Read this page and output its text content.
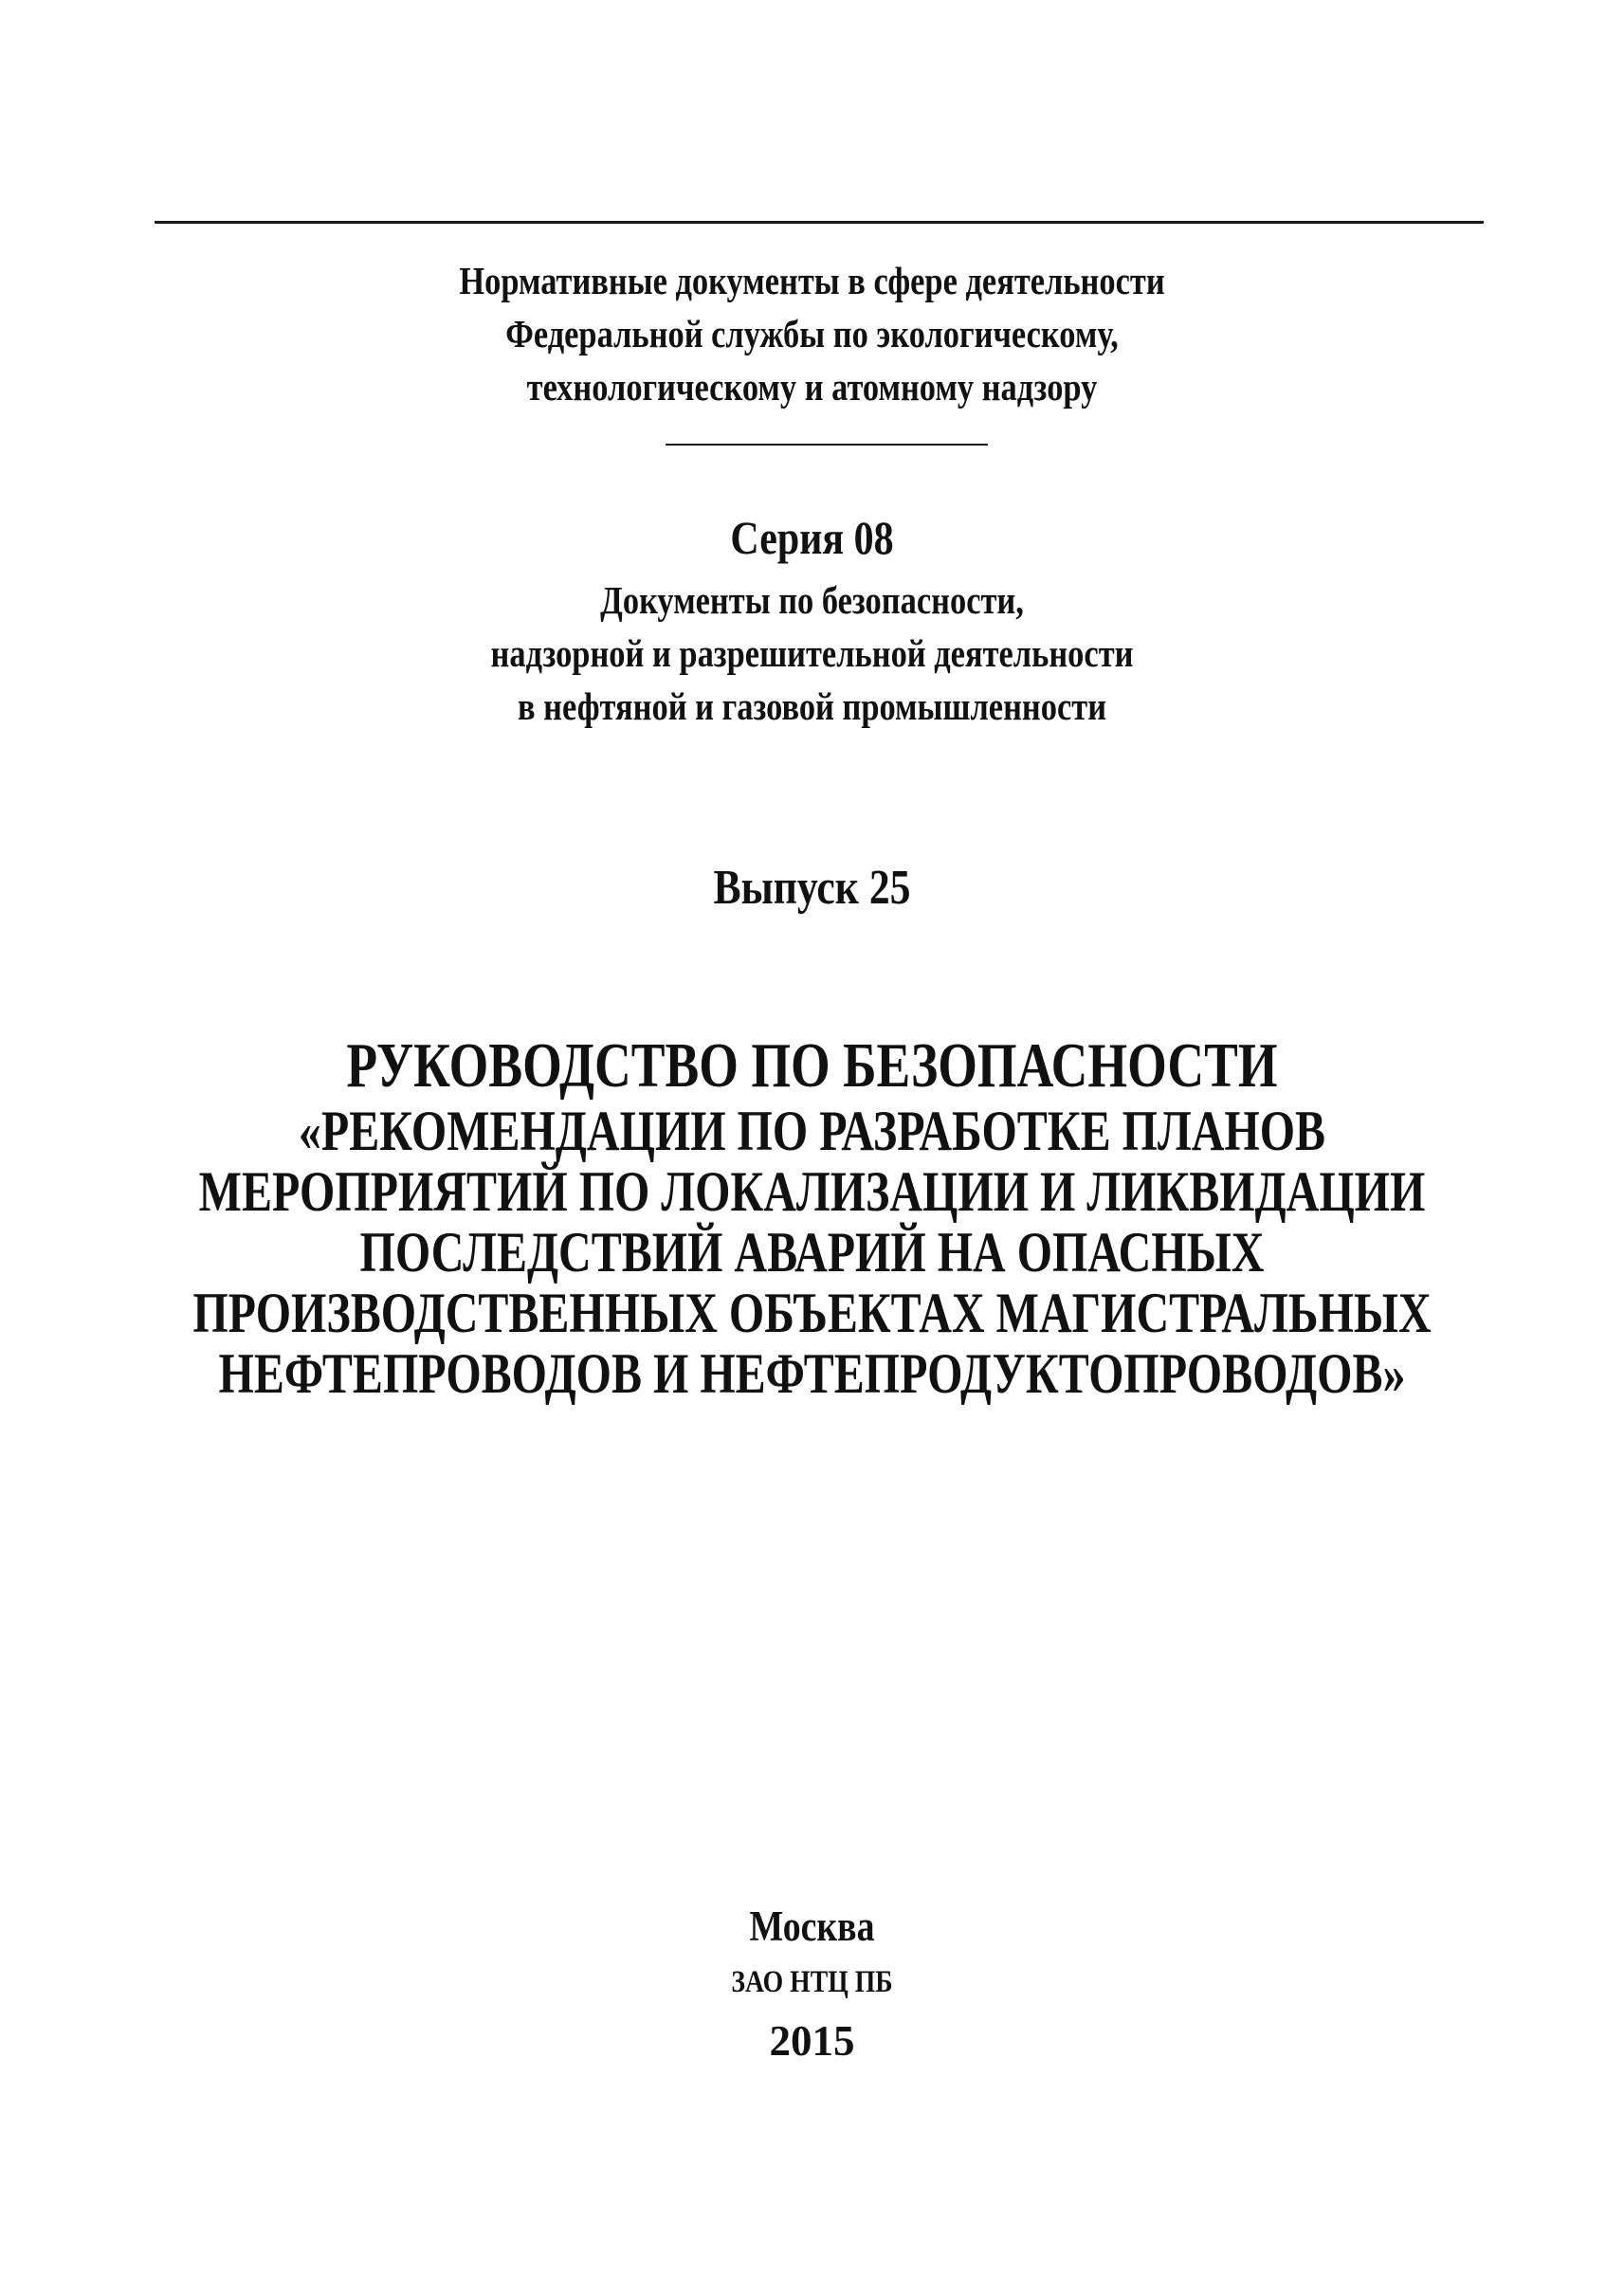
Нормативные документы в сфере деятельности
Федеральной службы по экологическому,
технологическому и атомному надзору
Серия 08
Документы по безопасности,
надзорной и разрешительной деятельности
в нефтяной и газовой промышленности
Выпуск 25
РУКОВОДСТВО ПО БЕЗОПАСНОСТИ
«РЕКОМЕНДАЦИИ ПО РАЗРАБОТКЕ ПЛАНОВ
МЕРОПРИЯТИЙ ПО ЛОКАЛИЗАЦИИ И ЛИКВИДАЦИИ
ПОСЛЕДСТВИЙ АВАРИЙ НА ОПАСНЫХ
ПРОИЗВОДСТВЕННЫХ ОБЪЕКТАХ МАГИСТРАЛЬНЫХ
НЕФТЕПРОВОДОВ И НЕФТЕПРОДУКТОПРОВОДОВ»
Москва
ЗАО НТЦ ПБ
2015
